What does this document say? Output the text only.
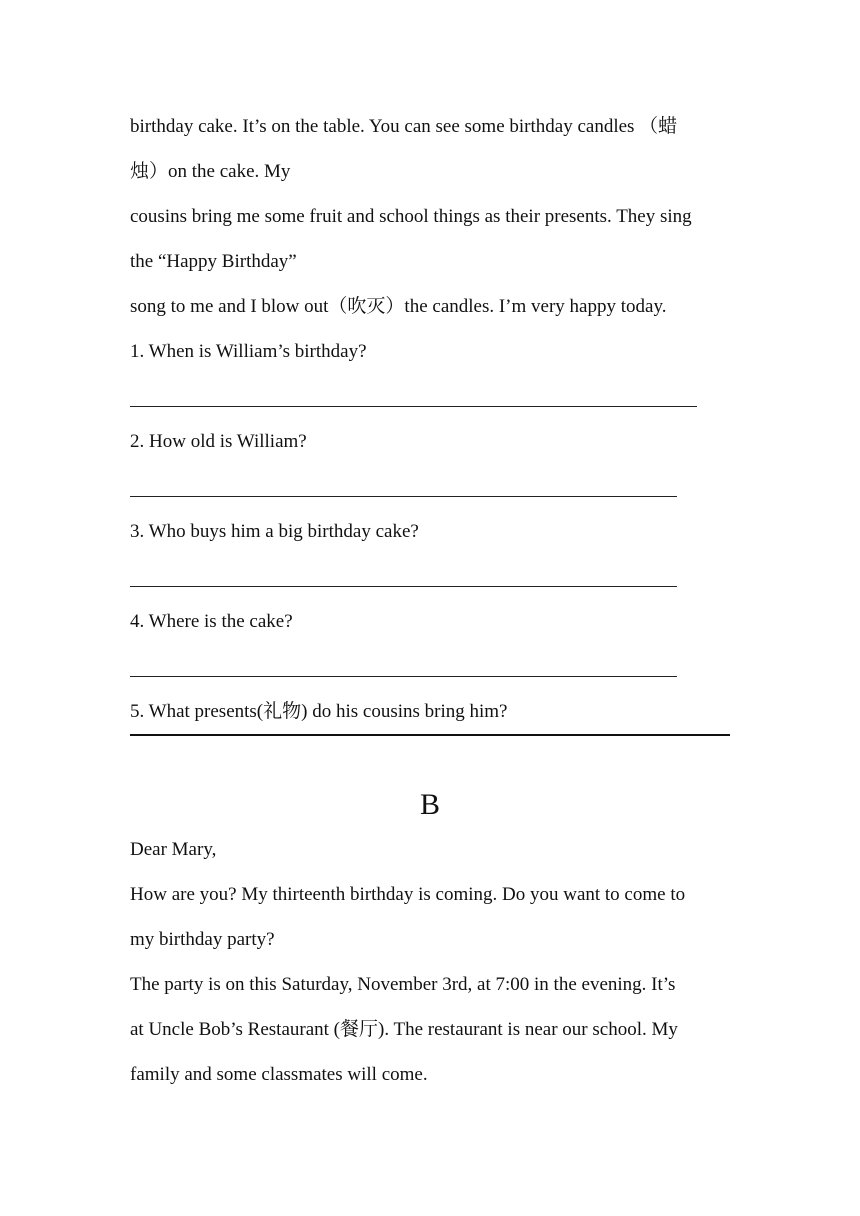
birthday cake. It’s on the table. You can see some birthday candles （蜡
烛）on the cake. My
cousins bring me some fruit and school things as their presents. They sing
the “Happy Birthday”
song to me and I blow out（吹灭）the candles. I’m very happy today.
1. When is William’s birthday?
2. How old is William?
3. Who buys him a big birthday cake?
4. Where is the cake?
5. What presents(礼物) do his cousins bring him?
B
Dear Mary,
How are you? My thirteenth birthday is coming. Do you want to come to
my birthday party?
The party is on this Saturday, November 3rd, at 7:00 in the evening. It’s
at Uncle Bob’s Restaurant (餐厅). The restaurant is near our school. My
family and some classmates will come.
